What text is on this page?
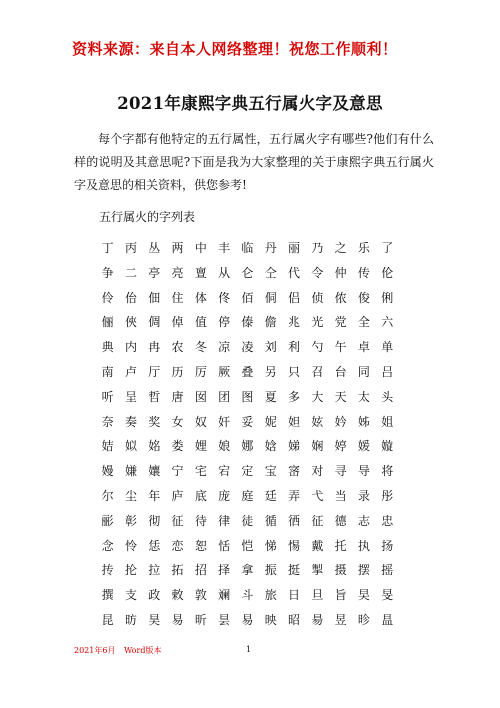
资料来源：来自本人网络整理！祝您工作顺利！
2021年康熙字典五行属火字及意思

每个字都有他特定的五行属性，五行属火字有哪些?他们有什么样的说明及其意思呢?下面是我为大家整理的关于康熙字典五行属火字及意思的相关资料，供您参考!

五行属火的字列表
丁 丙 丛 两 中 丰 临 丹 丽 乃 之 乐 了
争 二 亭 亮 亶 从 仑 仝 代 令 仲 传 伦
伶 佁 佃 住 体 佟 佰 侗 侣 侦 侬 俊 俐
俪 俠 倜 倬 值 停 傣 儋 兆 光 党 全 六
典 内 冉 农 冬 凉 凌 刘 利 勺 午 卓 单
南 卢 厅 历 厉 厥 叠 另 只 召 台 同 吕
听 呈 哲 唐 囡 团 图 夏 多 大 天 太 头
奈 奏 奖 女 奴 奸 妥 妮 妲 妶 妗 姊 姐
姞 姒 姳 娄 娌 娘 娜 娢 娣 娴 婷 媛 嫙
嫚 嫌 孃 宁 宅 宕 定 宝 宻 对 寻 导 将
尔 尘 年 庐 底 庞 庭 廷 弄 弋 当 录 彤
彨 彰 彻 征 待 律 徒 循 徆 征 德 志 忠
念 怜 恁 恋 恕 恬 恺 悌 惕 戴 托 执 扬
抟 抡 拉 拓 招 择 拿 振 挺 掣 摄 摆 摇
撰 支 政 敕 敦 斓 斗 旅 日 旦 旨 旲 旻
昆 昉 昊 易 昕 昙 易 映 昭 昜 昱 昣 昷
2021年6月 Word版本	1
